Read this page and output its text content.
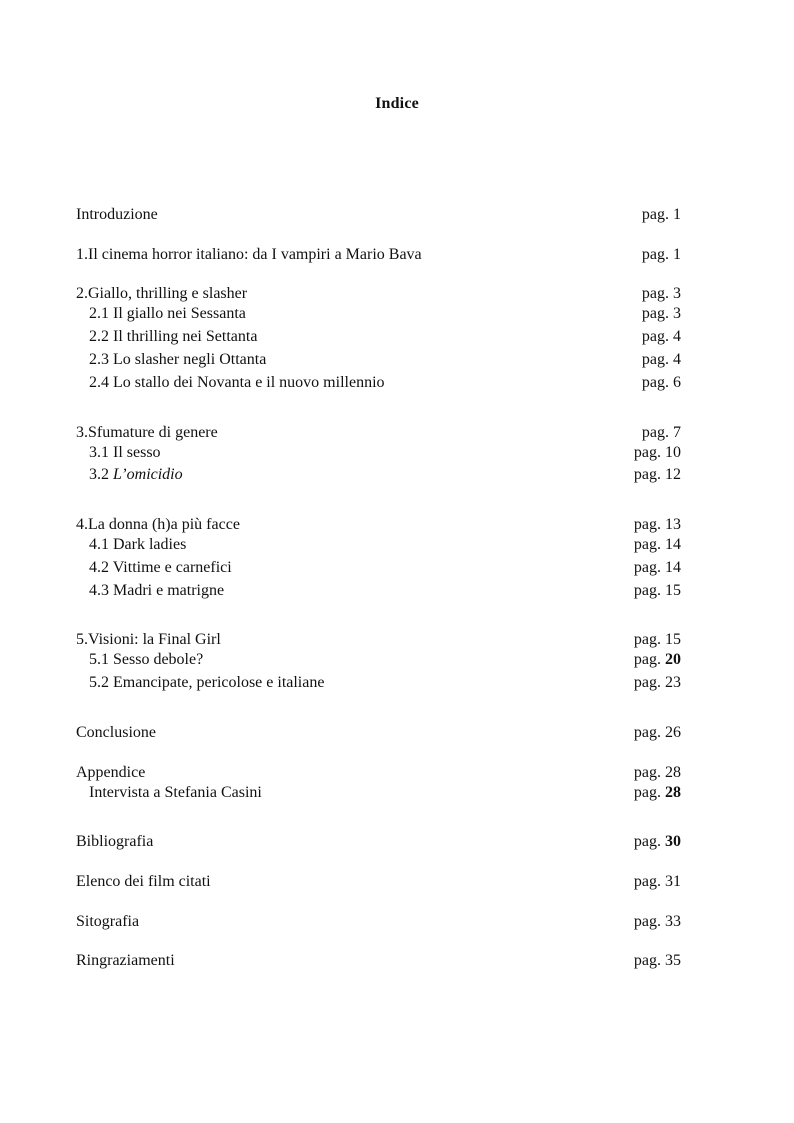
Indice
Introduzione	pag. 1
1.Il cinema horror italiano: da I vampiri a Mario Bava	pag. 1
2.Giallo, thrilling e slasher	pag. 3
2.1 Il giallo nei Sessanta	pag. 3
2.2 Il thrilling nei Settanta	pag. 4
2.3 Lo slasher negli Ottanta	pag. 4
2.4 Lo stallo dei Novanta e il nuovo millennio	pag. 6
3.Sfumature di genere	pag. 7
3.1 Il sesso	pag. 10
3.2 L’omicidio	pag. 12
4.La donna (h)a più facce	pag. 13
4.1 Dark ladies	pag. 14
4.2 Vittime e carnefici	pag. 14
4.3 Madri e matrigne	pag. 15
5.Visioni: la Final Girl	pag. 15
5.1 Sesso debole?	pag. 20
5.2 Emancipate, pericolose e italiane	pag. 23
Conclusione	pag. 26
Appendice	pag. 28
Intervista a Stefania Casini	pag. 28
Bibliografia	pag. 30
Elenco dei film citati	pag. 31
Sitografia	pag. 33
Ringraziamenti	pag. 35
